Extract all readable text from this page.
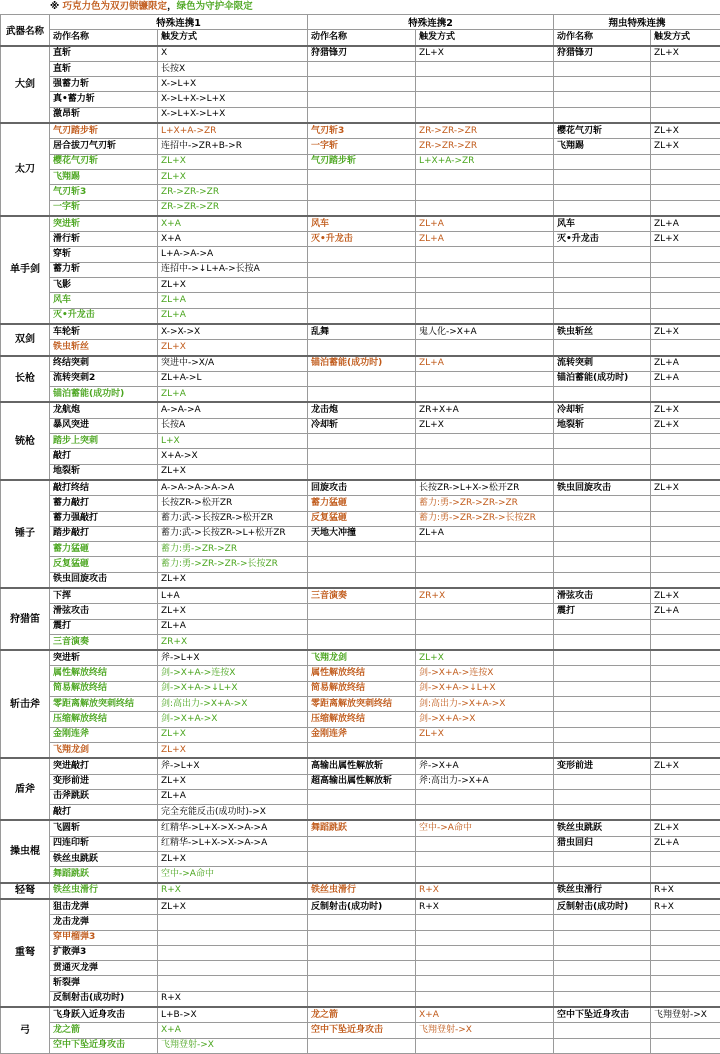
※ 巧克力色为双刃锁镰限定，绿色为守护伞限定
武器名称	特殊连携1		特殊连携2		翔虫特殊连携	
	动作名称	触发方式	动作名称	触发方式	动作名称	触发方式
大剑	直斩	X	狩猎锋刃	ZL+X	狩猎锋刃	ZL+X
	直斩	长按X				
	强蓄力斩	X->L+X				
	真•蓄力斩	X->L+X->L+X				
	激昂斩	X->L+X->L+X				
太刀	气刃踏步斩	L+X+A->ZR	气刃斩3	ZR->ZR->ZR	樱花气刃斩	ZL+X
	居合拔刀气刃斩	连招中->ZR+B->R	一字斩	ZR->ZR->ZR	飞翔踢	ZL+X
	樱花气刃斩	ZL+X	气刃踏步斩	L+X+A->ZR		
	飞翔踢	ZL+X				
	气刃斩3	ZR->ZR->ZR				
	一字斩	ZR->ZR->ZR				
单手剑	突进斩	X+A	风车	ZL+A	风车	ZL+A
	滑行斩	X+A	灭•升龙击	ZL+A	灭•升龙击	ZL+X
	穿斩	L+A->A->A				
	蓄力斩	连招中->↓L+A->长按A				
	飞影	ZL+X				
	风车	ZL+A				
	灭•升龙击	ZL+A				
双剑	车轮斩	X->X->X	乱舞	鬼人化->X+A	铁虫斩丝	ZL+X
	铁虫斩丝	ZL+X				
长枪	终结突刺	突进中->X/A	锚泊蓄能(成功时)	ZL+A	流转突刺	ZL+A
	流转突刺2	ZL+A->L			锚泊蓄能(成功时)	ZL+A
	锚泊蓄能(成功时)	ZL+A				
铳枪	龙航炮	A->A->A	龙击炮	ZR+X+A	冷却斩	ZL+X
	暴风突进	长按A	冷却斩	ZL+X	地裂斩	ZL+X
	踏步上突刺	L+X				
	敲打	X+A->X				
	地裂斩	ZL+X				
锤子	敲打终结	A->A->A->A->A	回旋攻击	长按ZR->L+X->松开ZR	铁虫回旋攻击	ZL+X
	蓄力敲打	长按ZR->松开ZR	蓄力猛砸	蓄力:勇->ZR->ZR->ZR		
	蓄力强敲打	蓄力:武->长按ZR->松开ZR	反复猛砸	蓄力:勇->ZR->ZR->长按ZR		
	踏步敲打	蓄力:武->长按ZR->L+松开ZR	天地大冲撞	ZL+A		
	蓄力猛砸	蓄力:勇->ZR->ZR				
	反复猛砸	蓄力:勇->ZR->ZR->长按ZR				
	铁虫回旋攻击	ZL+X				
狩猎笛	下挥	L+A	三音演奏	ZR+X	滑弦攻击	ZL+X
	滑弦攻击	ZL+X			震打	ZL+A
	震打	ZL+A				
	三音演奏	ZR+X				
斩击斧	突进斩	斧->L+X	飞翔龙剑	ZL+X		
	属性解放终结	剑->X+A->连按X	属性解放终结	剑->X+A->连按X		
	简易解放终结	剑->X+A->↓L+X	简易解放终结	剑->X+A->↓L+X		
	零距离解放突刺终结	剑:高出力->X+A->X	零距离解放突刺终结	剑:高出力->X+A->X		
	压缩解放终结	剑->X+A->X	压缩解放终结	剑->X+A->X		
	金刚连斧	ZL+X	金刚连斧	ZL+X		
	飞翔龙剑	ZL+X				
盾斧	突进敲打	斧->L+X	高输出属性解放斩	斧->X+A	变形前进	ZL+X
	变形前进	ZL+X	超高输出属性解放斩	斧:高出力->X+A		
	击斧跳跃	ZL+A				
	敲打	完全充能反击(成功时)->X				
操虫棍	飞圆斩	红精华->L+X->X->A->A	舞蹈跳跃	空中->A命中	铁丝虫跳跃	ZL+X
	四连印斩	红精华->L+X->X->A->A			猎虫回归	ZL+A
	铁丝虫跳跃	ZL+X				
	舞蹈跳跃	空中->A命中				
轻弩	铁丝虫滑行	R+X	铁丝虫滑行	R+X	铁丝虫滑行	R+X
重弩	狙击龙弹	ZL+X	反制射击(成功时)	R+X	反制射击(成功时)	R+X
	龙击龙弹					
	穿甲榴弹3					
	扩散弹3					
	贯通灭龙弹					
	斩裂弹					
	反制射击(成功时)	R+X				
弓	飞身跃入近身攻击	L+B->X	龙之箭	X+A	空中下坠近身攻击	飞翔登射->X
	龙之箭	X+A	空中下坠近身攻击	飞翔登射->X		
	空中下坠近身攻击	飞翔登射->X				
